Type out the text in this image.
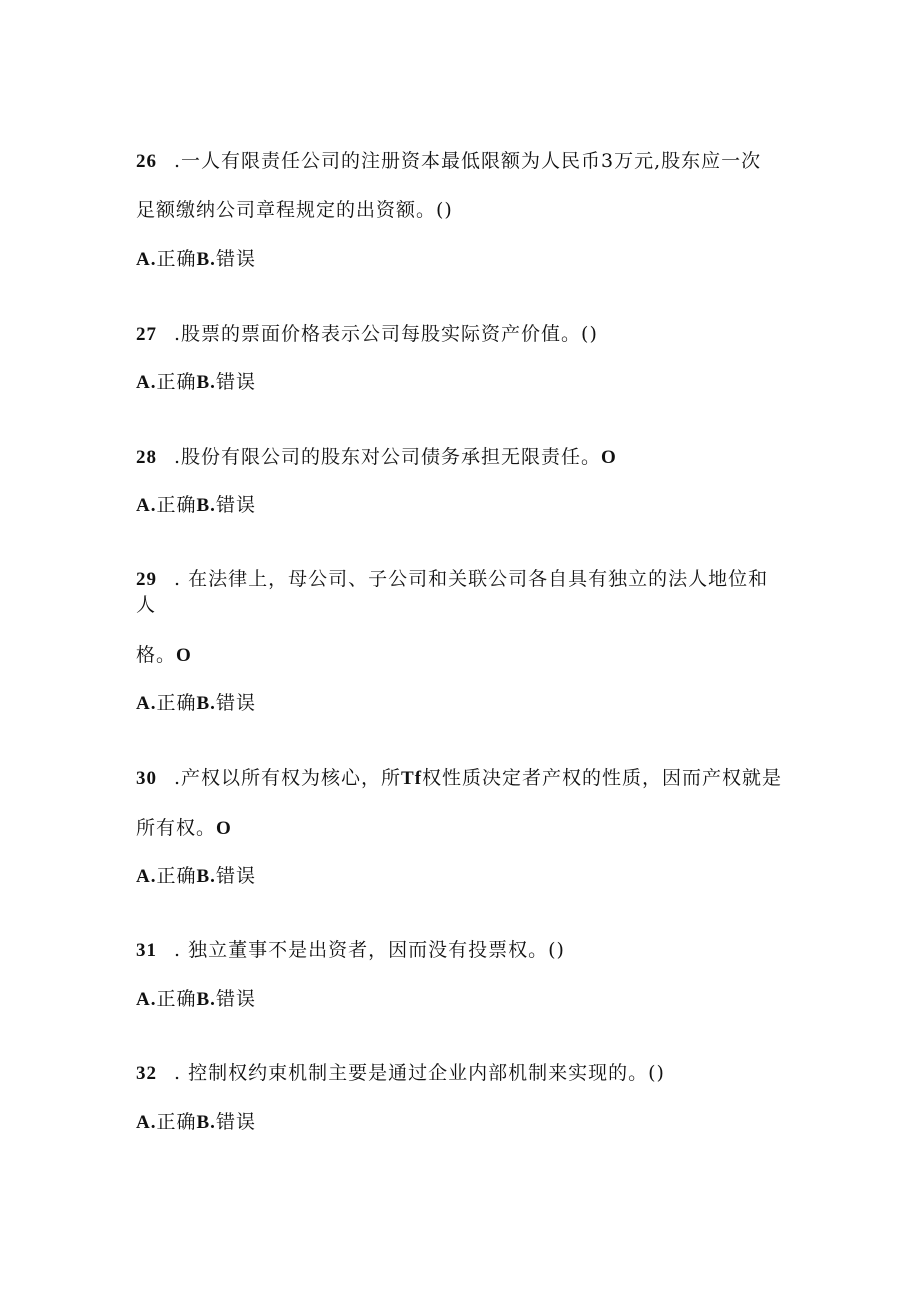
26 .一人有限责任公司的注册资本最低限额为人民币3万元,股东应一次
足额缴纳公司章程规定的出资额。()
A.正确B.错误
27 .股票的票面价格表示公司每股实际资产价值。()
A.正确B.错误
28 .股份有限公司的股东对公司债务承担无限责任。O
A.正确B.错误
29 . 在法律上，母公司、子公司和关联公司各自具有独立的法人地位和
人
格。O
A.正确B.错误
30 .产权以所有权为核心，所Tf权性质决定者产权的性质，因而产权就是
所有权。O
A.正确B.错误
31 . 独立董事不是出资者，因而没有投票权。()
A.正确B.错误
32 . 控制权约束机制主要是通过企业内部机制来实现的。()
A.正确B.错误
